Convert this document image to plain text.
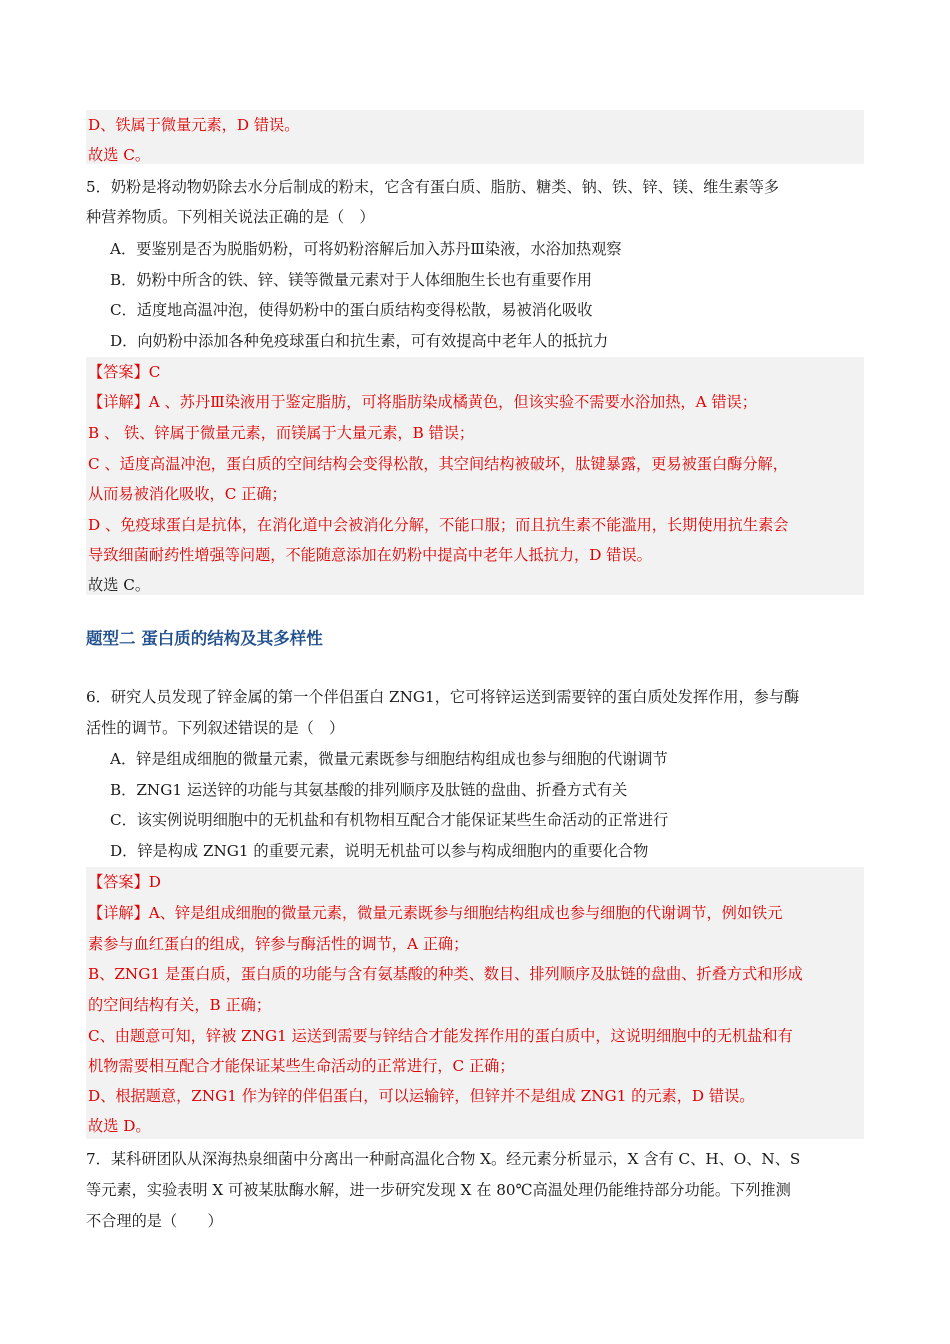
D、铁属于微量元素，D 错误。
故选 C。
5．奶粉是将动物奶除去水分后制成的粉末，它含有蛋白质、脂肪、糖类、钠、铁、锌、镁、维生素等多
种营养物质。下列相关说法正确的是（　）
A．要鉴别是否为脱脂奶粉，可将奶粉溶解后加入苏丹Ⅲ染液，水浴加热观察
B．奶粉中所含的铁、锌、镁等微量元素对于人体细胞生长也有重要作用
C．适度地高温冲泡，使得奶粉中的蛋白质结构变得松散，易被消化吸收
D．向奶粉中添加各种免疫球蛋白和抗生素，可有效提高中老年人的抵抗力
【答案】C
【详解】A 、苏丹Ⅲ染液用于鉴定脂肪，可将脂肪染成橘黄色，但该实验不需要水浴加热，A 错误；
B 、 铁、锌属于微量元素，而镁属于大量元素，B 错误；
C 、适度高温冲泡，蛋白质的空间结构会变得松散，其空间结构被破坏，肽键暴露，更易被蛋白酶分解，
从而易被消化吸收，C 正确；
D 、免疫球蛋白是抗体，在消化道中会被消化分解，不能口服；而且抗生素不能滥用，长期使用抗生素会
导致细菌耐药性增强等问题，不能随意添加在奶粉中提高中老年人抵抗力，D 错误。
故选 C。
题型二 蛋白质的结构及其多样性
6．研究人员发现了锌金属的第一个伴侣蛋白 ZNG1，它可将锌运送到需要锌的蛋白质处发挥作用，参与酶
活性的调节。下列叙述错误的是（　）
A．锌是组成细胞的微量元素，微量元素既参与细胞结构组成也参与细胞的代谢调节
B．ZNG1 运送锌的功能与其氨基酸的排列顺序及肽链的盘曲、折叠方式有关
C．该实例说明细胞中的无机盐和有机物相互配合才能保证某些生命活动的正常进行
D．锌是构成 ZNG1 的重要元素，说明无机盐可以参与构成细胞内的重要化合物
【答案】D
【详解】A、锌是组成细胞的微量元素，微量元素既参与细胞结构组成也参与细胞的代谢调节，例如铁元
素参与血红蛋白的组成，锌参与酶活性的调节，A 正确；
B、ZNG1 是蛋白质，蛋白质的功能与含有氨基酸的种类、数目、排列顺序及肽链的盘曲、折叠方式和形成
的空间结构有关，B 正确；
C、由题意可知，锌被 ZNG1 运送到需要与锌结合才能发挥作用的蛋白质中，这说明细胞中的无机盐和有
机物需要相互配合才能保证某些生命活动的正常进行，C 正确；
D、根据题意，ZNG1 作为锌的伴侣蛋白，可以运输锌，但锌并不是组成 ZNG1 的元素，D 错误。
故选 D。
7．某科研团队从深海热泉细菌中分离出一种耐高温化合物 X。经元素分析显示，X 含有 C、H、O、N、S
等元素，实验表明 X 可被某肽酶水解，进一步研究发现 X 在 80℃高温处理仍能维持部分功能。下列推测
不合理的是（　　）
